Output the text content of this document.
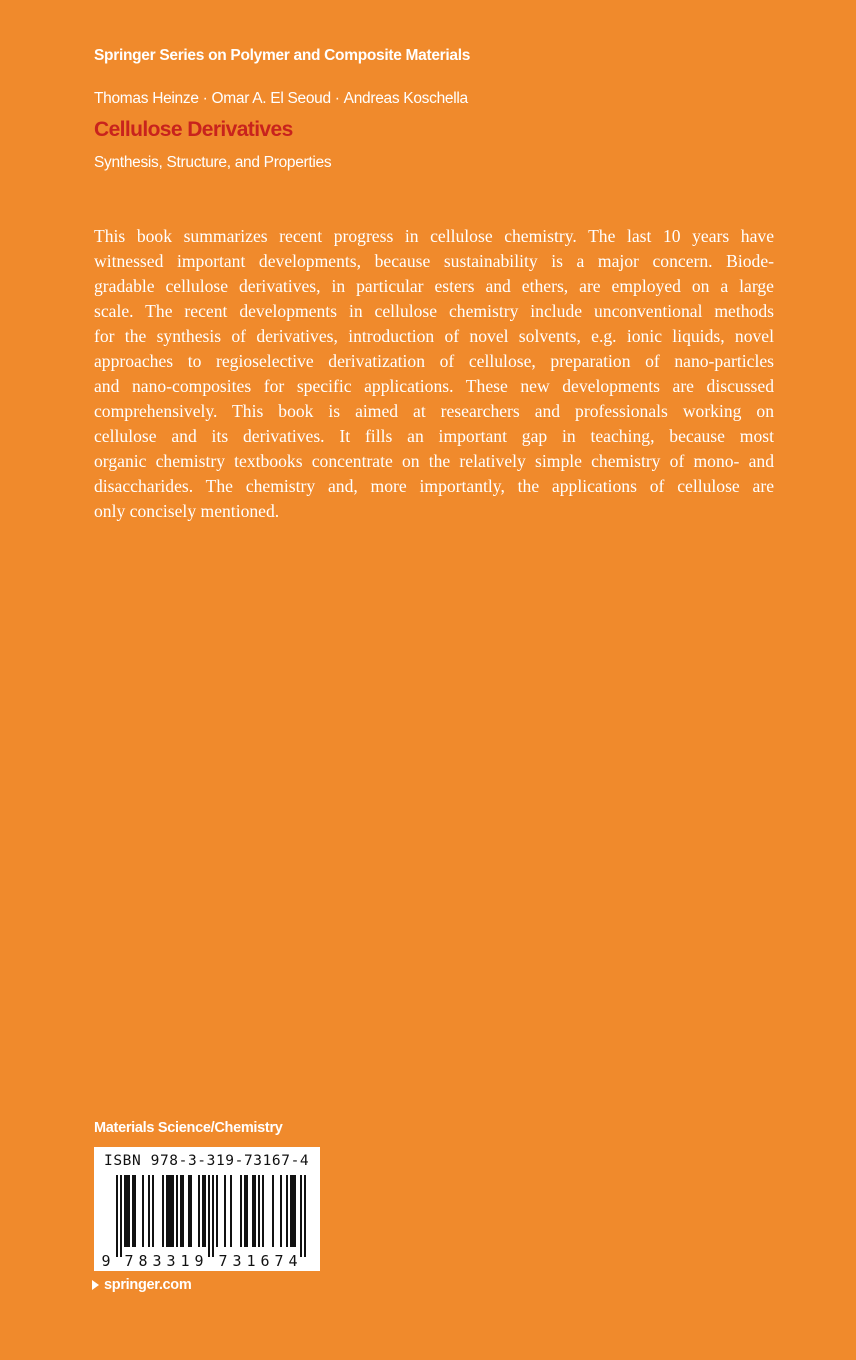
Springer Series on Polymer and Composite Materials
Thomas Heinze · Omar A. El Seoud · Andreas Koschella
Cellulose Derivatives
Synthesis, Structure, and Properties
This book summarizes recent progress in cellulose chemistry. The last 10 years have
witnessed important developments, because sustainability is a major concern. Biode-
gradable cellulose derivatives, in particular esters and ethers, are employed on a large
scale. The recent developments in cellulose chemistry include unconventional methods
for the synthesis of derivatives, introduction of novel solvents, e.g. ionic liquids, novel
approaches to regioselective derivatization of cellulose, preparation of nano-particles
and nano-composites for specific applications. These new developments are discussed
comprehensively. This book is aimed at researchers and professionals working on
cellulose and its derivatives. It fills an important gap in teaching, because most
organic chemistry textbooks concentrate on the relatively simple chemistry of mono- and
disaccharides. The chemistry and, more importantly, the applications of cellulose are
only concisely mentioned.
Materials Science/Chemistry
ISBN 978-3-319-73167-4
9 7 8 3 3 1 9 7 3 1 6 7 4
springer.com
